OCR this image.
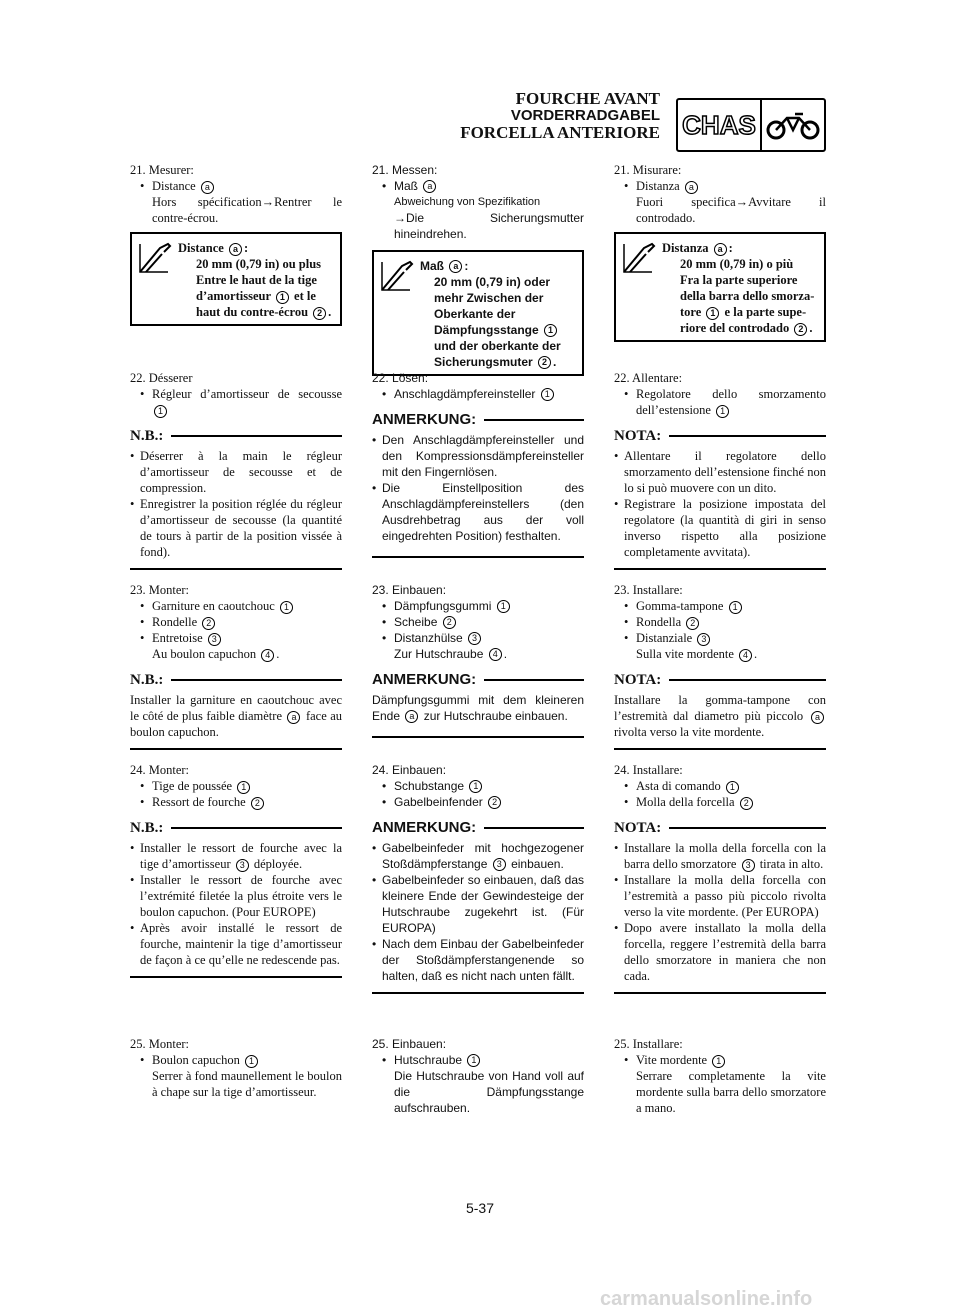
FOURCHE AVANT
VORDERRADGABEL
FORCELLA ANTERIORE CHAS
21. Mesurer:
• Distance a
Hors spécification→Rentrer le contre-écrou.
Distance a :
20 mm (0,79 in) ou plus
Entre le haut de la tige
d’amortisseur 1 et le
haut du contre-écrou 2 .
22. Désserer
• Régleur d’amortisseur de secousse 1
N.B.:
• Déserrer à la main le régleur d’amortisseur de secousse et de compression.
• Enregistrer la position réglée du régleur d’amortisseur de secousse (la quantité de tours à partir de la position vissée à fond).
23. Monter:
• Garniture en caoutchouc 1
• Rondelle 2
• Entretoise 3
Au boulon capuchon 4 .
N.B.:
Installer la garniture en caoutchouc avec le côté de plus faible diamètre a face au boulon capuchon.
24. Monter:
• Tige de poussée 1
• Ressort de fourche 2
N.B.:
• Installer le ressort de fourche avec la tige d’amortisseur 3 déployée.
• Installer le ressort de fourche avec l’extrémité filetée la plus étroite vers le boulon capuchon. (Pour EUROPE)
• Après avoir installé le ressort de fourche, maintenir la tige d’amortisseur de façon à ce qu’elle ne redescende pas.
25. Monter:
• Boulon capuchon 1
Serrer à fond maunellement le boulon à chape sur la tige d’amortisseur.
21. Messen:
• Maß a
Abweichung von Spezifikation
→Die Sicherungsmutter hineindrehen.
Maß a :
20 mm (0,79 in) oder
mehr Zwischen der
Oberkante der
Dämpfungsstange 1
und der oberkante der
Sicherungsmuter 2 .
22. Lösen:
• Anschlagdämpfereinsteller 1
ANMERKUNG:
• Den Anschlagdämpfereinsteller und den Kompressionsdämpfereinsteller mit den Fingernlösen.
• Die Einstellposition des Anschlagdämpfereinstellers (den Ausdrehbetrag aus der voll eingedrehten Position) festhalten.
23. Einbauen:
• Dämpfungsgummi 1
• Scheibe 2
• Distanzhülse 3
Zur Hutschraube 4 .
ANMERKUNG:
Dämpfungsgummi mit dem kleineren Ende a zur Hutschraube einbauen.
24. Einbauen:
• Schubstange 1
• Gabelbeinfender 2
ANMERKUNG:
• Gabelbeinfeder mit hochgezogener Stoßdämpferstange 3 einbauen.
• Gabelbeinfeder so einbauen, daß das kleinere Ende der Gewindesteige der Hutschraube zugekehrt ist. (Für EUROPA)
• Nach dem Einbau der Gabelbeinfeder der Stoßdämpferstangenende so halten, daß es nicht nach unten fällt.
25. Einbauen:
• Hutschraube 1
Die Hutschraube von Hand voll auf die Dämpfungsstange aufschrauben.
21. Misurare:
• Distanza a
Fuori specifica→Avvitare il controdado.
Distanza a :
20 mm (0,79 in) o più
Fra la parte superiore
della barra dello smorza-
tore 1 e la parte supe-
riore del controdado 2 .
22. Allentare:
• Regolatore dello smorzamento dell’estensione 1
NOTA:
• Allentare il regolatore dello smorzamento dell’estensione finché non lo si può muovere con un dito.
• Registrare la posizione impostata del regolatore (la quantità di giri in senso inverso rispetto alla posizione completamente avvitata).
23. Installare:
• Gomma-tampone 1
• Rondella 2
• Distanziale 3
Sulla vite mordente 4 .
NOTA:
Installare la gomma-tampone con l’estremità dal diametro più piccolo a rivolta verso la vite mordente.
24. Installare:
• Asta di comando 1
• Molla della forcella 2
NOTA:
• Installare la molla della forcella con la barra dello smorzatore 3 tirata in alto.
• Installare la molla della forcella con l’estremità a passo più piccolo rivolta verso la vite mordente. (Per EUROPA)
• Dopo avere installato la molla della forcella, reggere l’estremità della barra dello smorzatore in maniera che non cada.
25. Installare:
• Vite mordente 1
Serrare completamente la vite mordente sulla barra dello smorzatore a mano.
5-37
carmanualsonline.info
